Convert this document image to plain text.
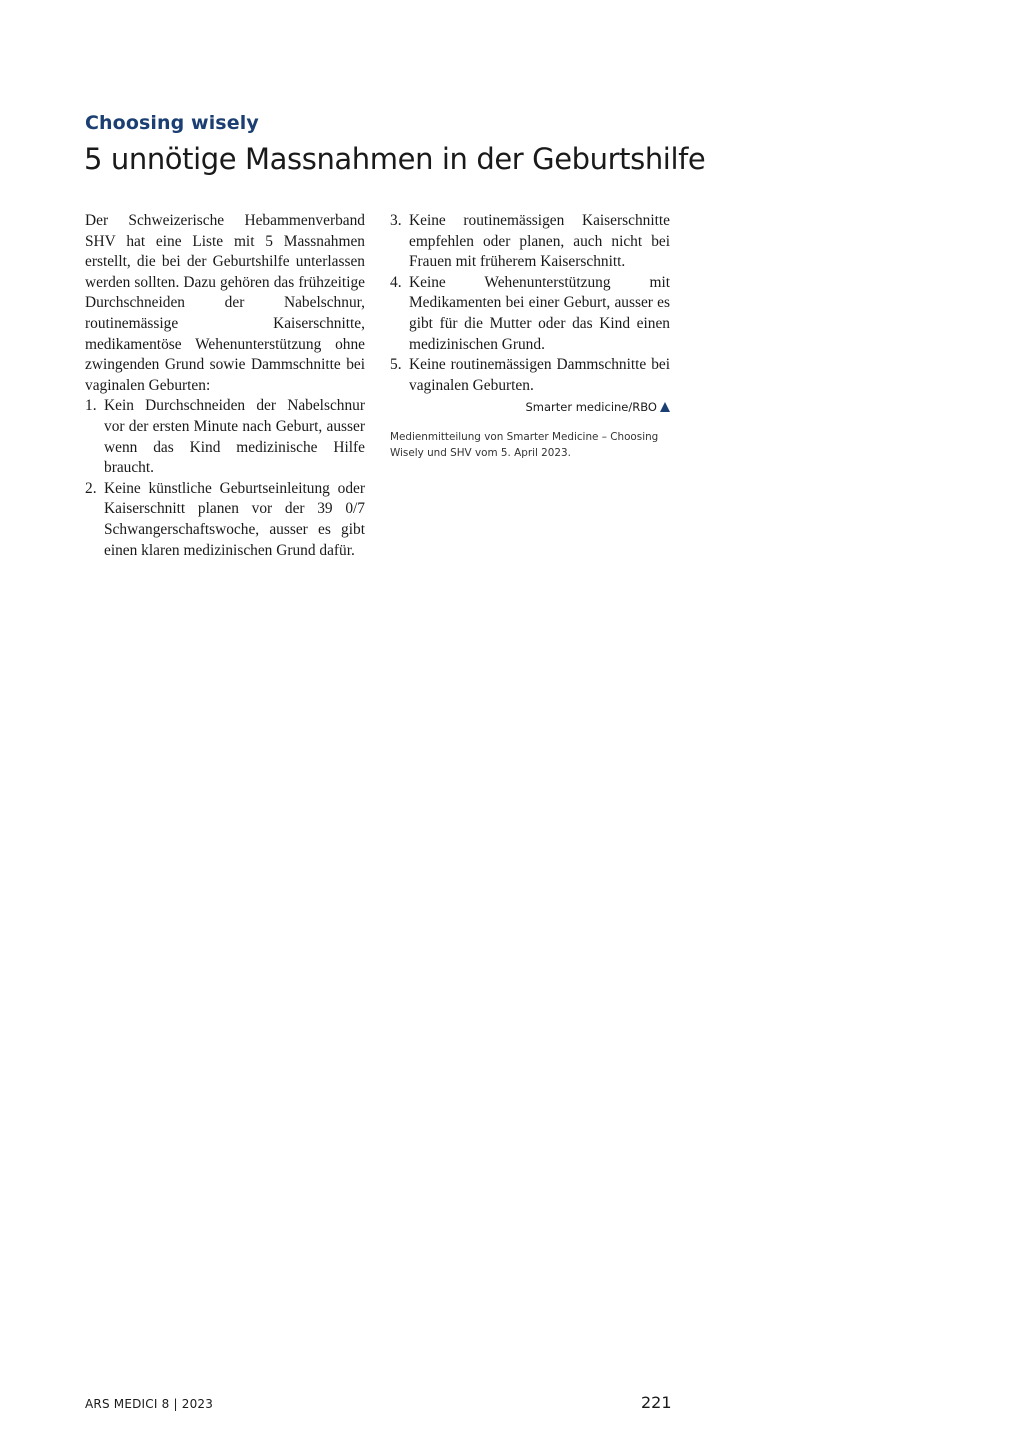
Choosing wisely
5 unnötige Massnahmen in der Geburtshilfe

Der Schweizerische Hebammenverband SHV hat eine Liste mit 5 Massnahmen erstellt, die bei der Geburtshilfe unterlassen werden sollten. Dazu gehören das frühzeitige Durchschneiden der Nabelschnur, routinemässige Kaiserschnitte, medikamentöse Wehenunterstützung ohne zwingenden Grund sowie Dammschnitte bei vaginalen Geburten:

1. Kein Durchschneiden der Nabelschnur vor der ersten Minute nach Geburt, ausser wenn das Kind medizinische Hilfe braucht.
2. Keine künstliche Geburtseinleitung oder Kaiserschnitt planen vor der 39 0/7 Schwangerschaftswoche, ausser es gibt einen klaren medizinischen Grund dafür.
3. Keine routinemässigen Kaiserschnitte empfehlen oder planen, auch nicht bei Frauen mit früherem Kaiserschnitt.
4. Keine Wehenunterstützung mit Medikamenten bei einer Geburt, ausser es gibt für die Mutter oder das Kind einen medizinischen Grund.
5. Keine routinemässigen Dammschnitte bei vaginalen Geburten.
Smarter medicine/RBO
Medienmitteilung von Smarter Medicine – Choosing Wisely und SHV vom 5. April 2023.
ARS MEDICI 8 | 2023	221
